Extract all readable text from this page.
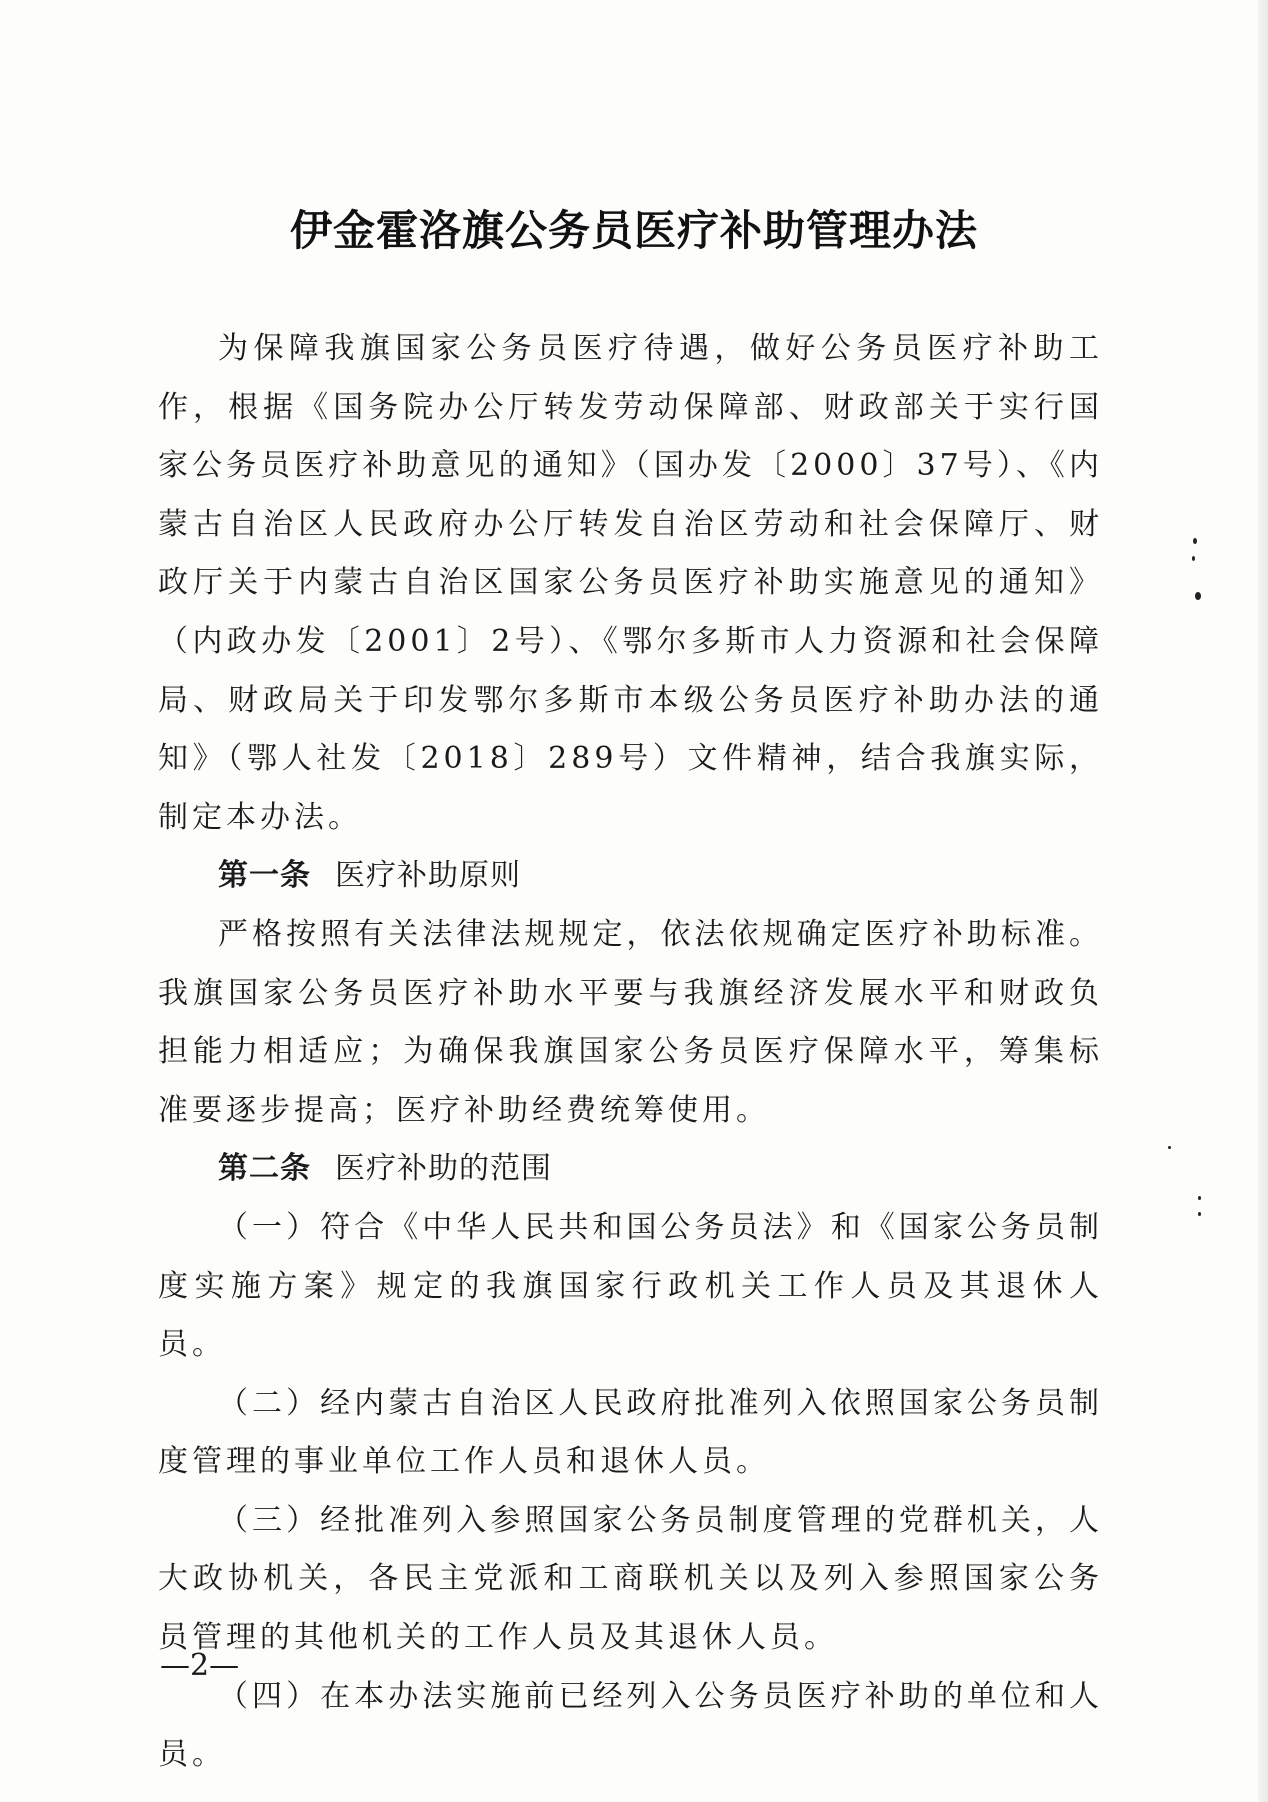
伊金霍洛旗公务员医疗补助管理办法

为保障我旗国家公务员医疗待遇，做好公务员医疗补助工作，根据《国务院办公厅转发劳动保障部、财政部关于实行国家公务员医疗补助意见的通知》（国办发〔2000〕37号）、《内蒙古自治区人民政府办公厅转发自治区劳动和社会保障厅、财政厅关于内蒙古自治区国家公务员医疗补助实施意见的通知》（内政办发〔2001〕2号）、《鄂尔多斯市人力资源和社会保障局、财政局关于印发鄂尔多斯市本级公务员医疗补助办法的通知》（鄂人社发〔2018〕289号）文件精神，结合我旗实际，制定本办法。

第一条 医疗补助原则

严格按照有关法律法规规定，依法依规确定医疗补助标准。我旗国家公务员医疗补助水平要与我旗经济发展水平和财政负担能力相适应；为确保我旗国家公务员医疗保障水平，筹集标准要逐步提高；医疗补助经费统筹使用。

第二条 医疗补助的范围

（一）符合《中华人民共和国公务员法》和《国家公务员制度实施方案》规定的我旗国家行政机关工作人员及其退休人员。

（二）经内蒙古自治区人民政府批准列入依照国家公务员制度管理的事业单位工作人员和退休人员。

（三）经批准列入参照国家公务员制度管理的党群机关，人大政协机关，各民主党派和工商联机关以及列入参照国家公务员管理的其他机关的工作人员及其退休人员。

（四）在本办法实施前已经列入公务员医疗补助的单位和人员。

—2—
